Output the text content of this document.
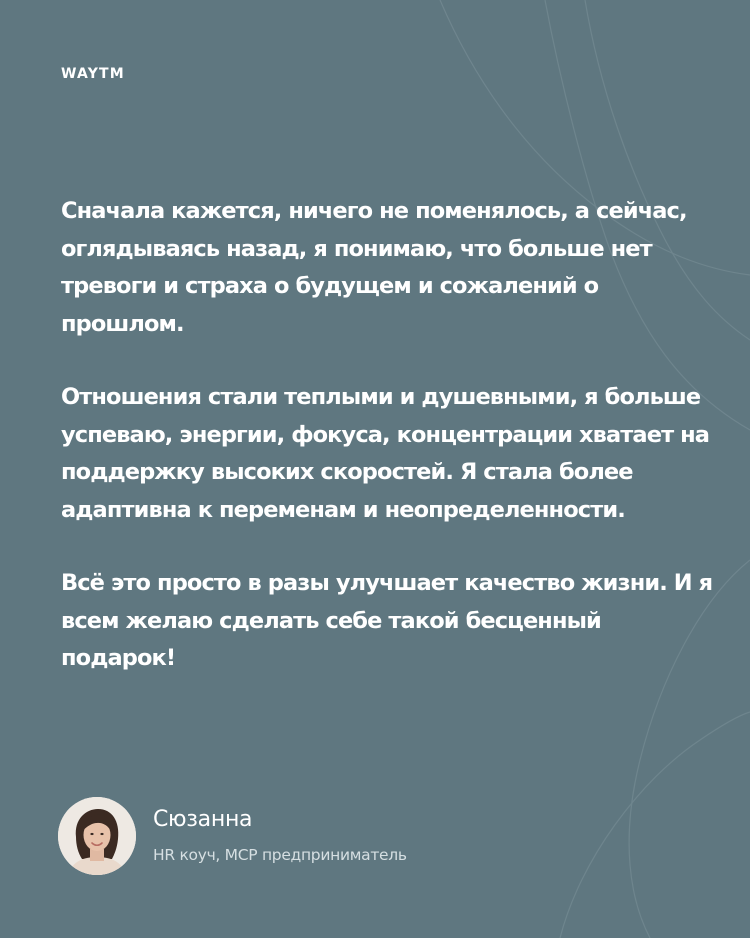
WAYTM

Сначала кажется, ничего не поменялось, а сейчас, оглядываясь назад, я понимаю, что больше нет тревоги и страха о будущем и сожалений о прошлом.

Отношения стали теплыми и душевными, я больше успеваю, энергии, фокуса, концентрации хватает на поддержку высоких скоростей. Я стала более адаптивна к переменам и неопределенности.

Всё это просто в разы улучшает качество жизни. И я всем желаю сделать себе такой бесценный подарок!

Сюзанна
HR коуч, MCP предприниматель
